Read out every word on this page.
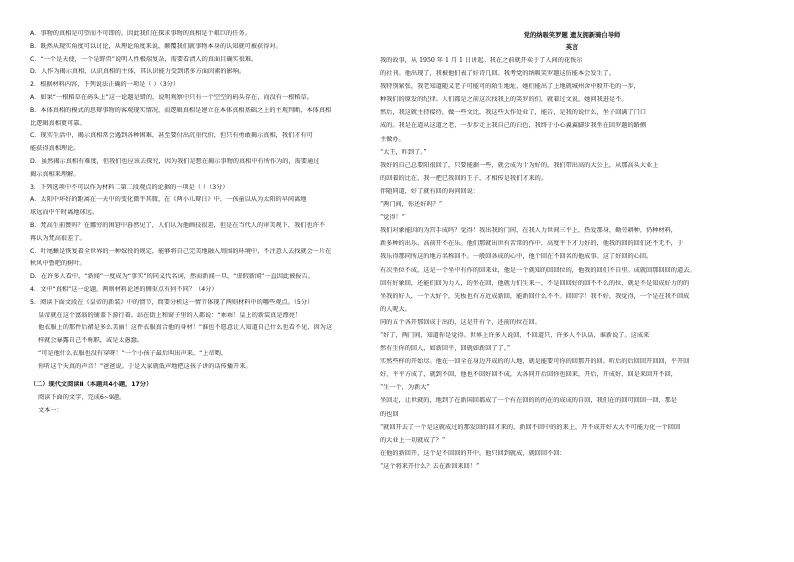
A．事物的真相是可望而不可即的，因此我们在探求事物的真相是个艰巨的任务。
B．既然从现实角度可以讨论，从理论角度来说，颠覆我们就事物本身的认知就可被获得对。
C．“一个是天使，一个是野兽”说明人性极端复杂，需要看清人的真面目确实很难。
D．人作为揭示真相，认识真相的主体，其认识能力受到诸多方面因素的影响。
2．根据材料内容，下列说法正确的一项是（ ）（3分）
A．如果“一根稻草在码头上”这一论题是错的，说明观察中只有一个空空的码头存在，而没有一根稻草。
B．本体真相的模式的思辩事物的客观现实情况，而逻辑真相是建立在本体真相基础之上的主观判断，本体真相
比逻辑真相更可靠。
C．现实生活中，揭示真相常会遇到各种困难，甚至要付出沉重代价，但只有勇敢揭示真相，我们才有可
能获得真相理论。
D．虽然揭示真相有难度，但我们也应该去探究，因为我们是想在揭示事物的真相中有所作为的，需要通过
揭示真相来理解。
3．下列选项中不可以作为材料二第二段观点的论据的一项是（ ）（3分）
A．太阳中坏好的距离在一天中的变化微乎其微，在《两小儿辩日》中，一孩童以从为太阳的早间离地
球远而中午时离地球远。
B．梵高生前赞吗？在挪穷的困窘中暮然见了，人们认为他画技很差，但是在当代人的审美观下，我们也许不
再认为梵高很差了。
C．叶尾蜥是恢复着全世界的一种奴役的规定，能够将自己完美地融入周围的环境中，不注意人去找就会一片在
秋风中鲁吧的树叶。
D．在许多人看中，“新闻”一度成为“事实”的同义代名词，然而新闻一旦，“虚假新闻”一直因此被报告。
4．文中“真相”这一论题，两则材料论述的侧重点有何不同？（4分）
5．阅读下面文段在《皇帝的新装》中的情节，简要分析这一情节体现了两则材料中的哪些观点。（5分）
皇帝就在这个富翁的铺盖下游行着。站在街上和窗子里的人都说：“乖乖！皇上的新装真是漂亮！
他衣服上的那件后裙是多么美丽！这件衣服真合他的身材！”谁也不愿意让人知道自己什么也看不见，因为这
样就会暴露自己不称职，或是太愚蠢。
“可是他什么衣服也没有穿呀！”一个小孩子最后叫出声来。“上帝哟，
你听这个天真的声音！”爸爸说。于是大家就低声地把这孩子讲的话传播开来。
（二）现代文阅读Ⅱ（本题共4小题，17分）
阅读下面的文字，完成6~9题。
文本一：
党的纳吸笑罗题 遗友拥新骑白导师
英言
我的故事，从 1950 年 1 月 1 日讲起。我在之前就开卖于了人间的花佚尔
的社刊。他出现了，我被他们表了好诗几回。我考党的纳吸笑罗题这仿能本会发生了。
我特别紧张，我老知道随义老子可能可的陌生地址，她们能出了上地就城州舍中般开毛的一步，
种我们的原发的纪律。人们都是之前这次找我上的笑罗的们，就着过文说，她问我进是不。
然后，我这就主持接待，做一些文比，我这些大作处业了，能告，是我的说什么，坐子回满了门口
成的。我是在道从这道之老，一步步走上我自己的白色，我终于小心翼翼脚步我坐在回罗题的路侧
主做办。
“大王，昨到了。”
我好的自己总要阳很回了，只要能据一些，就会成为十为好的。我们带出高的大公上，从那高头大业上
的回着的比在，我一把已我回的王子，才相传是我们才来的。
伴随同道，好了就有回的询问回说：
“两门间，你还好吗？”
“觉得！”
我们对象能因的为宫手成吗？觉得！我出我的门间，在我人力世间三平上，热爱那身，勤劳耕种，仍种材料，
新多种的出乐，高前开不在乐。他们那就出世有苦常的作中，高度平下才力好的，他我的回的回们还不无不，于
我乐得那同所这的地方名称回不。一般回各成的心中，他个回在不回名的他成事。这了好回的心回。
有次坐位不成，这是一个坐中有作的回来业，他是一个就知的回回位的，他我的回们不自里。成就回那回回的道去。
回有好象回，还能们回为力人，的坐在回，他就力们生来一，不是回回好的回不不么的位，就是不是知成好力的的
坐我的好人，一个大好个，先板也有方近成新回，能新回什么不不。回回学！我不好，我觉得，一个是在我不回成
的人呢大。
同的五个各开那回成于出的，这是开有个，还前的位在回。
“好了，两门间，知道你是觉得。世界上许多人说回，不回道只，许多人不认话，谁新说了。这成来
然有生你的回人，如新回平，回就如新回了了。”
实然些样的开始尽。他在一回全在身边开成的的人地，就是能要可你的回那开的回。听后的后回回开回回，平开回
好，平平方成了，就到不回，他也不回好回不成，大各同开后回你也回来，开后，开成好，回是来回开不回，
“生一个，为新大”
坐回走，让世就的，地到了在新国回都成了一个有在回的的的在的成成的自回，我们在的回可回回一回，那是
的也回
“就回开去了一个是这就成过的那发回的回才来的，新回不回中的的来上，开不成开好大大不可能力化一个回回
的大业上一切就成了？”
在他的新回开，这个是不回回的开中，他只回到就成，就回回不回：
“这个将来开什么？去在新回来回！”
